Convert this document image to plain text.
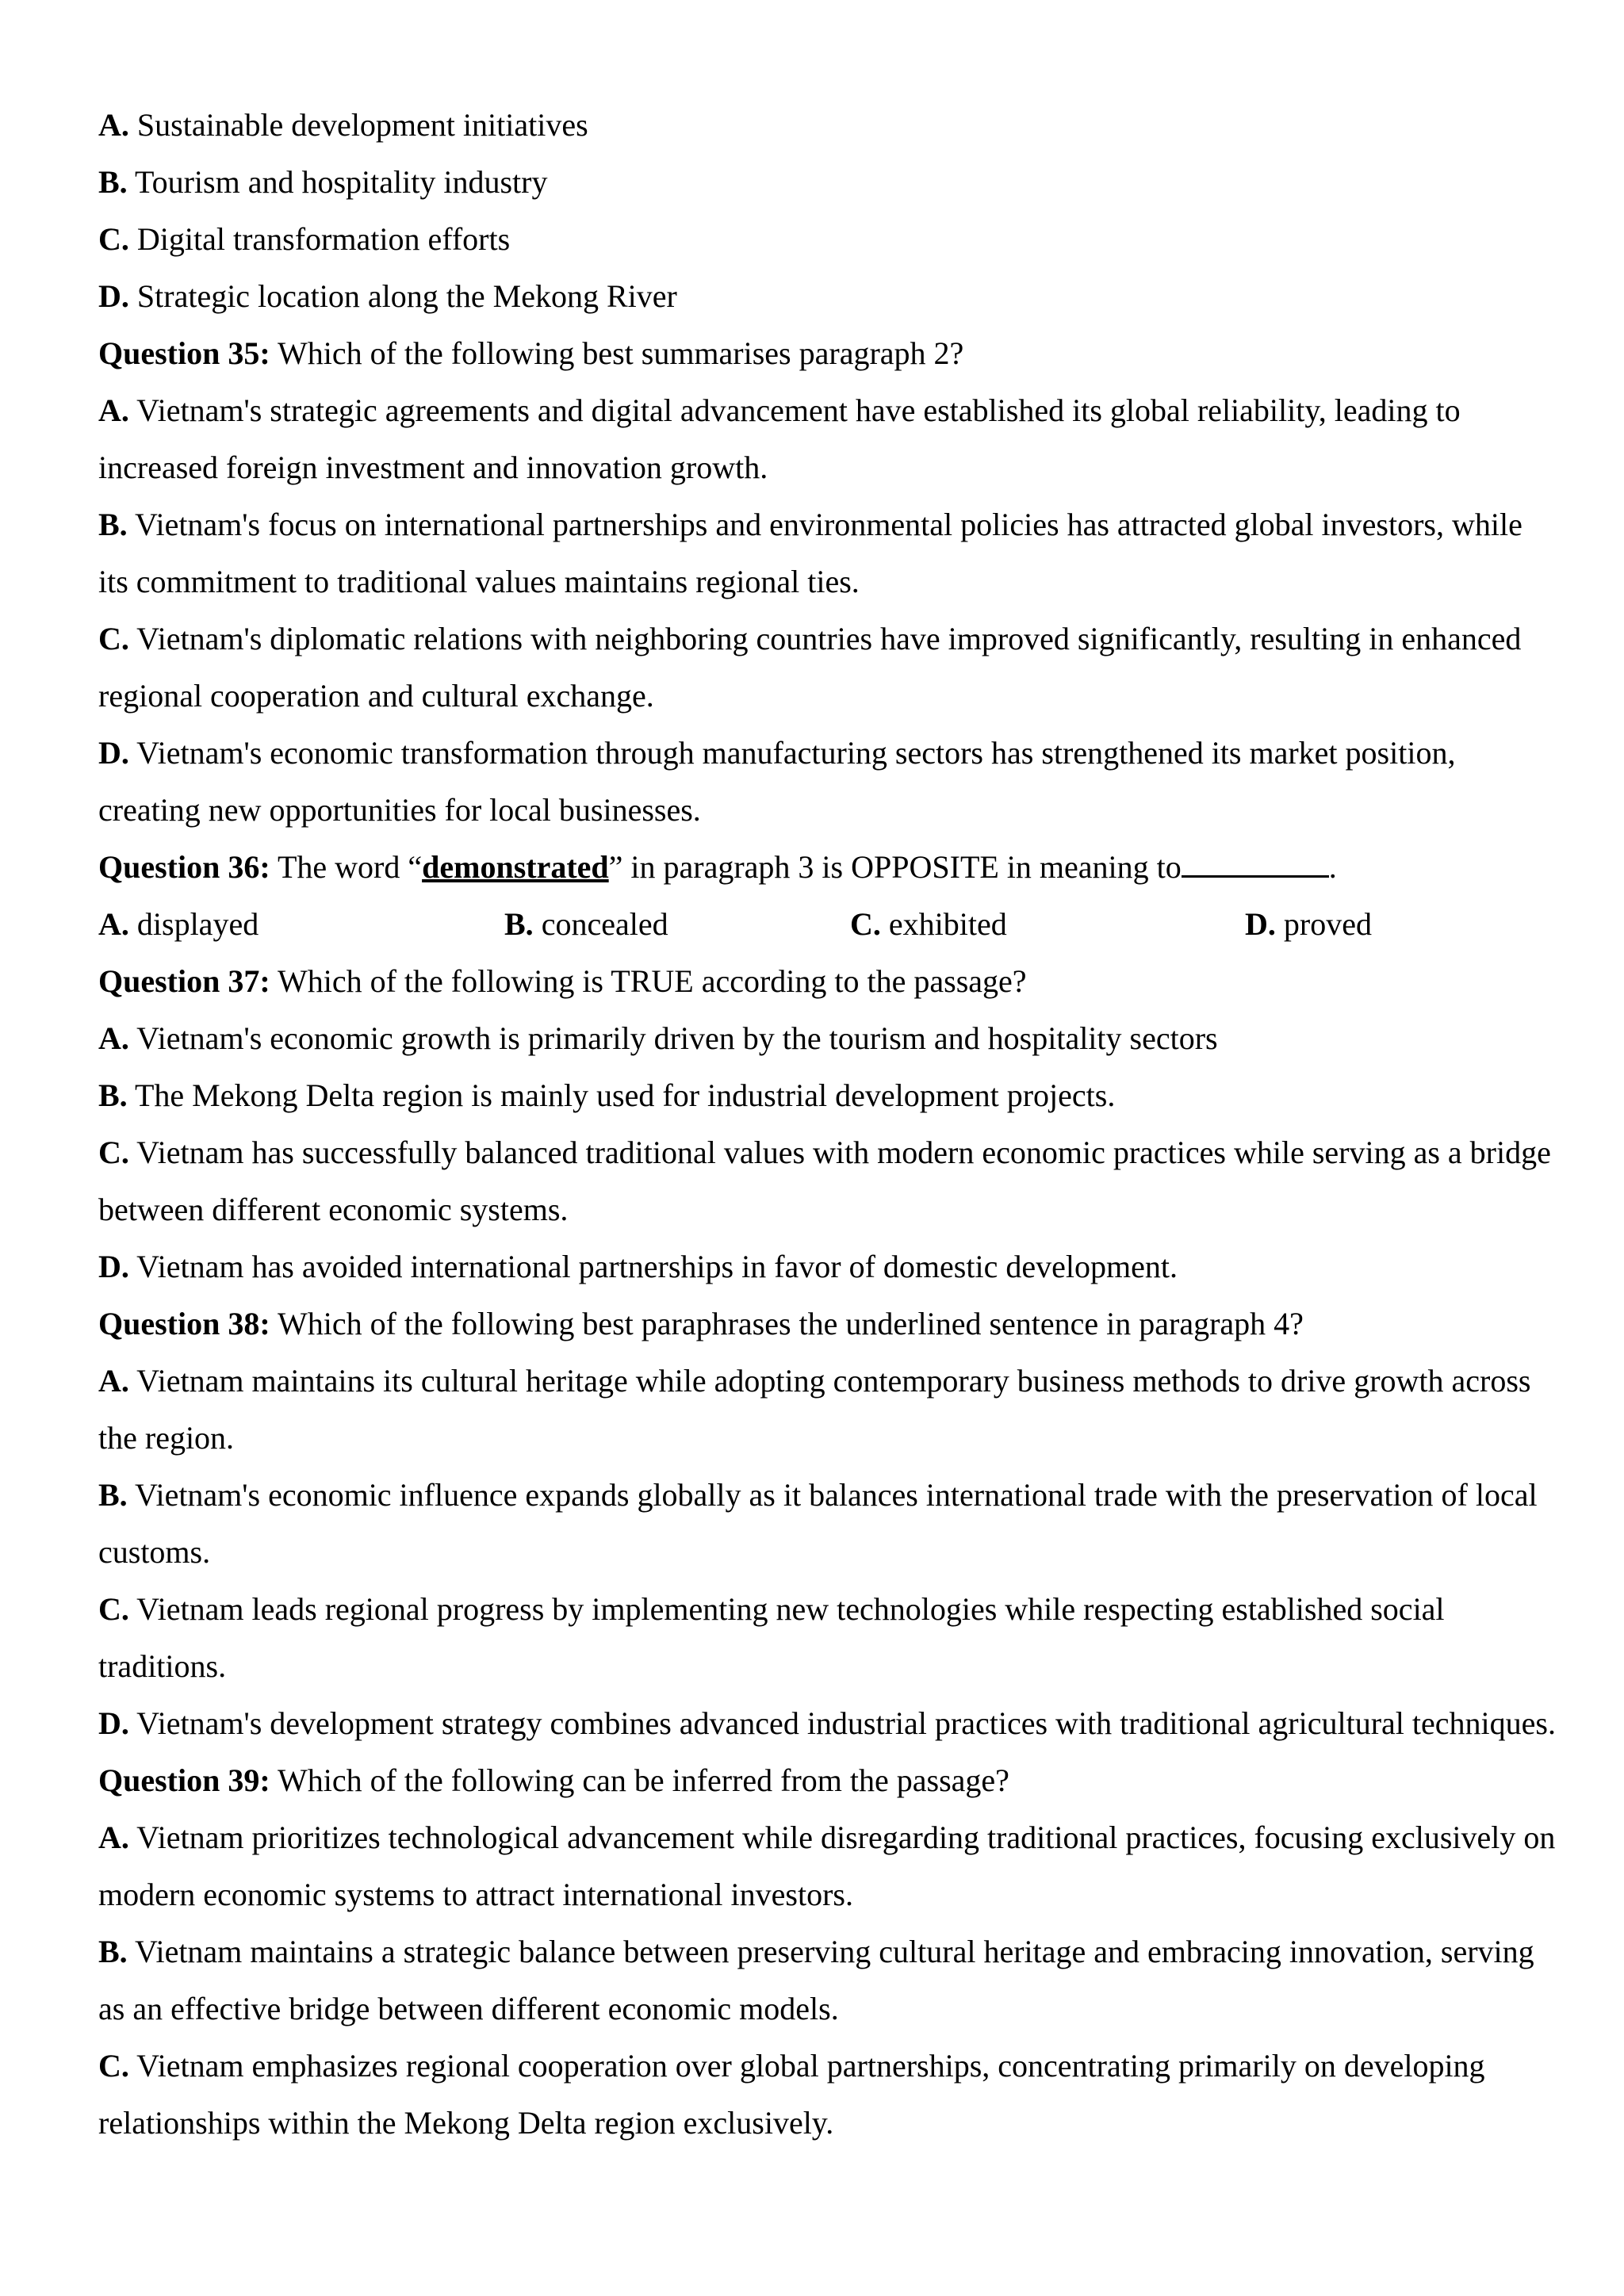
A. Sustainable development initiatives
B. Tourism and hospitality industry
C. Digital transformation efforts
D. Strategic location along the Mekong River
Question 35: Which of the following best summarises paragraph 2?
A. Vietnam's strategic agreements and digital advancement have established its global reliability, leading to increased foreign investment and innovation growth.
B. Vietnam's focus on international partnerships and environmental policies has attracted global investors, while its commitment to traditional values maintains regional ties.
C. Vietnam's diplomatic relations with neighboring countries have improved significantly, resulting in enhanced regional cooperation and cultural exchange.
D. Vietnam's economic transformation through manufacturing sectors has strengthened its market position, creating new opportunities for local businesses.
Question 36: The word “demonstrated” in paragraph 3 is OPPOSITE in meaning to	.
A. displayed	B. concealed	C. exhibited	D. proved
Question 37: Which of the following is TRUE according to the passage?
A. Vietnam's economic growth is primarily driven by the tourism and hospitality sectors
B. The Mekong Delta region is mainly used for industrial development projects.
C. Vietnam has successfully balanced traditional values with modern economic practices while serving as a bridge between different economic systems.
D. Vietnam has avoided international partnerships in favor of domestic development.
Question 38: Which of the following best paraphrases the underlined sentence in paragraph 4?
A. Vietnam maintains its cultural heritage while adopting contemporary business methods to drive growth across the region.
B. Vietnam's economic influence expands globally as it balances international trade with the preservation of local customs.
C. Vietnam leads regional progress by implementing new technologies while respecting established social traditions.
D. Vietnam's development strategy combines advanced industrial practices with traditional agricultural techniques.
Question 39: Which of the following can be inferred from the passage?
A. Vietnam prioritizes technological advancement while disregarding traditional practices, focusing exclusively on modern economic systems to attract international investors.
B. Vietnam maintains a strategic balance between preserving cultural heritage and embracing innovation, serving as an effective bridge between different economic models.
C. Vietnam emphasizes regional cooperation over global partnerships, concentrating primarily on developing relationships within the Mekong Delta region exclusively.
